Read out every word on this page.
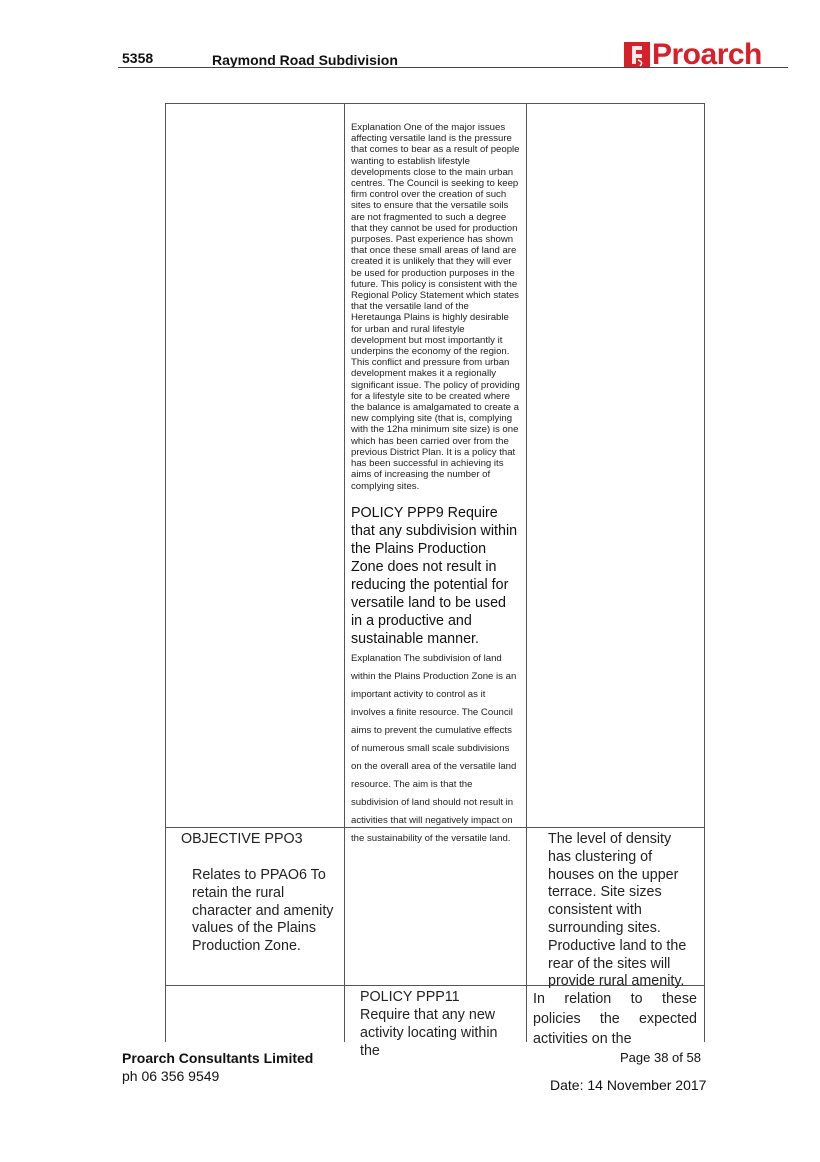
5358	Raymond Road Subdivision	Proarch

Explanation One of the major issues affecting versatile land is the pressure that comes to bear as a result of people wanting to establish lifestyle developments close to the main urban centres. The Council is seeking to keep firm control over the creation of such sites to ensure that the versatile soils are not fragmented to such a degree that they cannot be used for production purposes. Past experience has shown that once these small areas of land are created it is unlikely that they will ever be used for production purposes in the future. This policy is consistent with the Regional Policy Statement which states that the versatile land of the Heretaunga Plains is highly desirable for urban and rural lifestyle development but most importantly it underpins the economy of the region. This conflict and pressure from urban development makes it a regionally significant issue. The policy of providing for a lifestyle site to be created where the balance is amalgamated to create a new complying site (that is, complying with the 12ha minimum site size) is one which has been carried over from the previous District Plan. It is a policy that has been successful in achieving its aims of increasing the number of complying sites.

POLICY PPP9 Require that any subdivision within the Plains Production Zone does not result in reducing the potential for versatile land to be used in a productive and sustainable manner. Explanation The subdivision of land within the Plains Production Zone is an important activity to control as it involves a finite resource. The Council aims to prevent the cumulative effects of numerous small scale subdivisions on the overall area of the versatile land resource. The aim is that the subdivision of land should not result in activities that will negatively impact on the sustainability of the versatile land.

OBJECTIVE PPO3
Relates to PPAO6 To retain the rural character and amenity values of the Plains Production Zone.
The level of density has clustering of houses on the upper terrace. Site sizes consistent with surrounding sites. Productive land to the rear of the sites will provide rural amenity.
POLICY PPP11
Require that any new activity locating within the
In relation to these policies the expected activities on the
Proarch Consultants Limited
ph 06 356 9549
Page 38 of 58
Date: 14 November 2017
